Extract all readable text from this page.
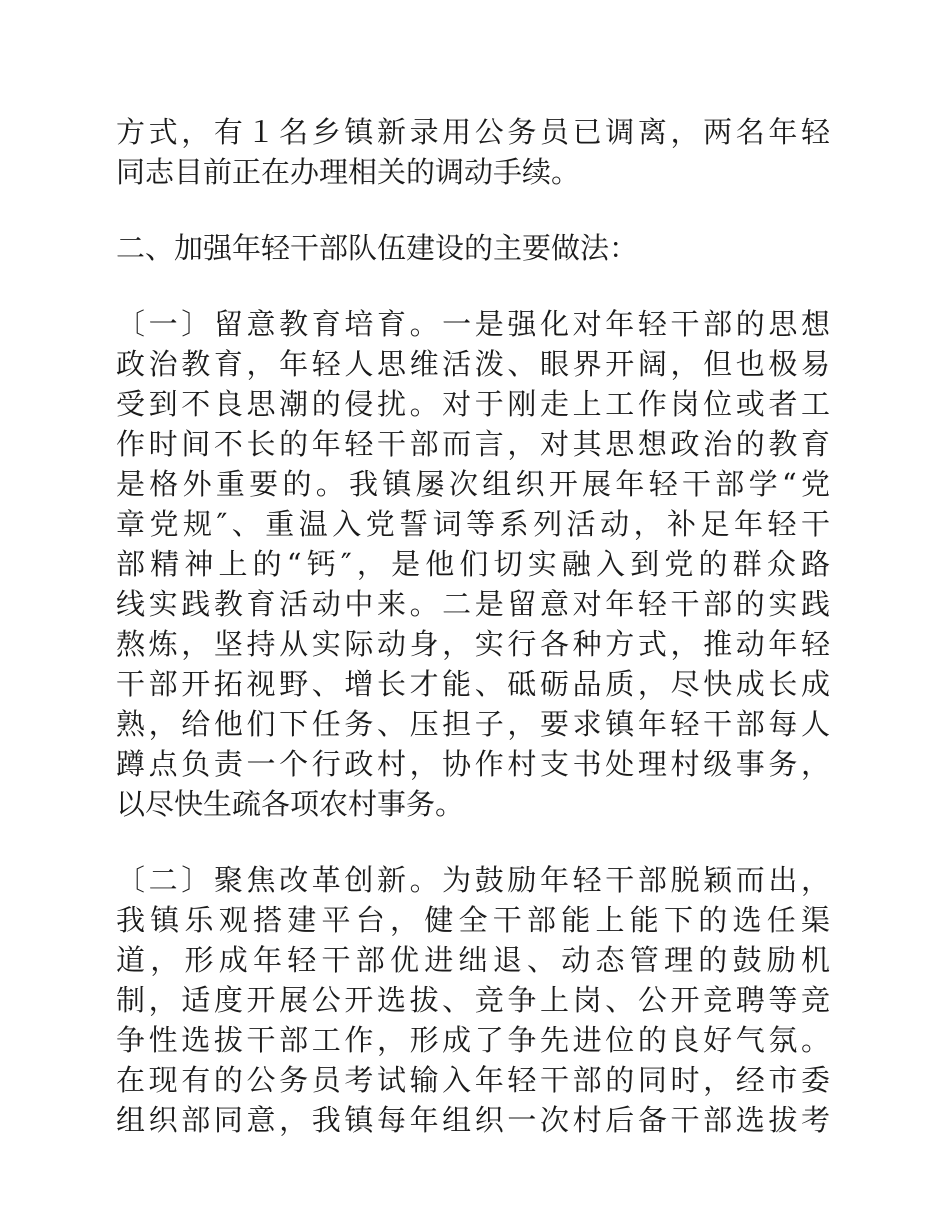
方式，有１名乡镇新录用公务员已调离，两名年轻
同志目前正在办理相关的调动手续。
二、加强年轻干部队伍建设的主要做法：
〔一〕留意教育培育。一是强化对年轻干部的思想
政治教育，年轻人思维活泼、眼界开阔，但也极易
受到不良思潮的侵扰。对于刚走上工作岗位或者工
作时间不长的年轻干部而言，对其思想政治的教育
是格外重要的。我镇屡次组织开展年轻干部学“党
章党规″、重温入党誓词等系列活动，补足年轻干
部精神上的“钙″，是他们切实融入到党的群众路
线实践教育活动中来。二是留意对年轻干部的实践
熬炼，坚持从实际动身，实行各种方式，推动年轻
干部开拓视野、增长才能、砥砺品质，尽快成长成
熟，给他们下任务、压担子，要求镇年轻干部每人
蹲点负责一个行政村，协作村支书处理村级事务，
以尽快生疏各项农村事务。
〔二〕聚焦改革创新。为鼓励年轻干部脱颖而出，
我镇乐观搭建平台，健全干部能上能下的选任渠
道，形成年轻干部优进绌退、动态管理的鼓励机
制，适度开展公开选拔、竞争上岗、公开竞聘等竞
争性选拔干部工作，形成了争先进位的良好气氛。
在现有的公务员考试输入年轻干部的同时，经市委
组织部同意，我镇每年组织一次村后备干部选拔考
